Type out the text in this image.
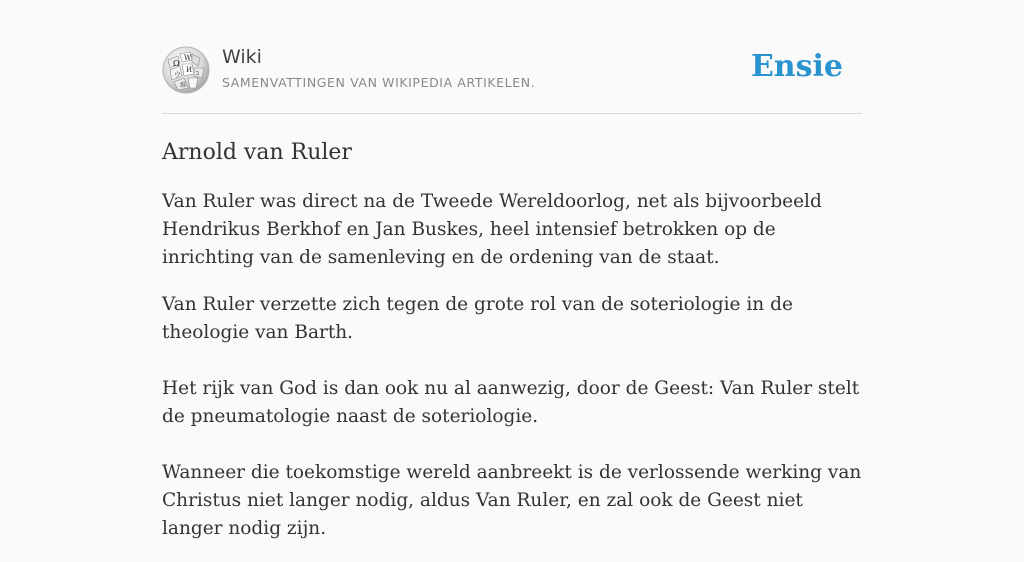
Ω
W
И
ウ	ב
维
Wiki
SAMENVATTINGEN VAN WIKIPEDIA ARTIKELEN.	Ensie
Arnold van Ruler

Van Ruler was direct na de Tweede Wereldoorlog, net als bijvoorbeeld Hendrikus Berkhof en Jan Buskes, heel intensief betrokken op de inrichting van de samenleving en de ordening van de staat.

Van Ruler verzette zich tegen de grote rol van de soteriologie in de theologie van Barth.

Het rijk van God is dan ook nu al aanwezig, door de Geest: Van Ruler stelt de pneumatologie naast de soteriologie.

Wanneer die toekomstige wereld aanbreekt is de verlossende werking van Christus niet langer nodig, aldus Van Ruler, en zal ook de Geest niet langer nodig zijn.
